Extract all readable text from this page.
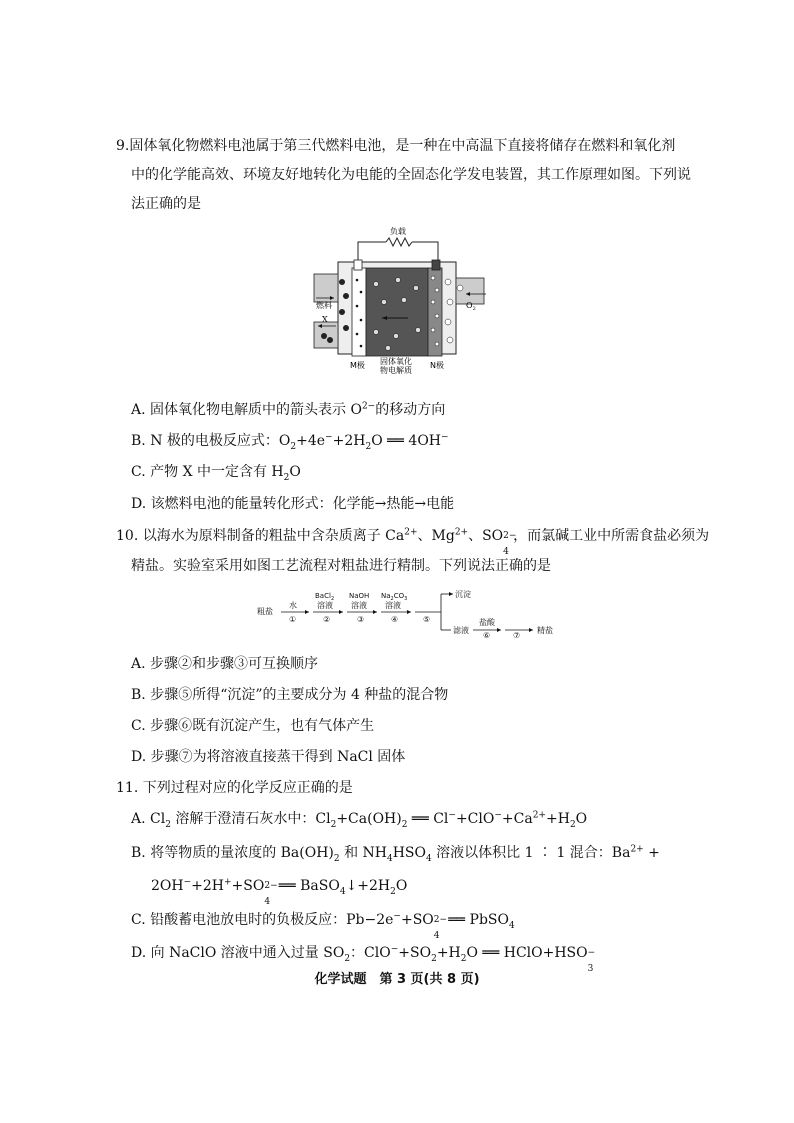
9.固体氧化物燃料电池属于第三代燃料电池，是一种在中高温下直接将储存在燃料和氧化剂
中的化学能高效、环境友好地转化为电能的全固态化学发电装置，其工作原理如图。下列说
法正确的是
负载
燃料
X
$O_2$
M极 固体氧化
物电解质
N极
A. 固体氧化物电解质中的箭头表示 $O^{2-}$的移动方向
B. N 极的电极反应式：$O_2+4e^-+2H_2O$ ══ 4OH−
C. 产物 X 中一定含有 $H_2O$
D. 该燃料电池的能量转化形式：化学能→热能→电能
10. 以海水为原料制备的粗盐中含杂质离子 $Ca^{2+}$、$Mg^{2+}$、SO 2−
4
，而氯碱工业中所需食盐必须为
精盐。实验室采用如图工艺流程对粗盐进行精制。下列说法正确的是
粗盐
水
①
BaCl$_2$
溶液
②
NaOH
溶液
③
$Na_2CO_3$
溶液
④	⑤
沉淀
滤液
盐酸
⑥	⑦
精盐
A. 步骤②和步骤③可互换顺序
B. 步骤⑤所得“沉淀”的主要成分为 4 种盐的混合物
C. 步骤⑥既有沉淀产生，也有气体产生
D. 步骤⑦为将溶液直接蒸干得到 NaCl 固体
11. 下列过程对应的化学反应正确的是
A. $Cl_2$ 溶解于澄清石灰水中：$Cl_2+Ca(OH)_2$ ══ $Cl^-+ClO^-+Ca^{2+}+H_2O$
B. 将等物质的量浓度的 $Ba(OH)_2$ 和 $NH_4HSO_4$ 溶液以体积比 1 ∶ 1 混合：$Ba^{2+}$ +
2OH−+2H++SO 2−
4
══ $BaSO_4↓+2H_2O$
C. 铅酸蓄电池放电时的负极反应：Pb−2e−+SO 2−
4
══ PbSO$_4$
D. 向 NaClO 溶液中通入过量 $SO_2$：$ClO^-+SO_2+H_2O$ ══ HClO+HSO −
3
化学试题　第 3 页(共 8 页)
